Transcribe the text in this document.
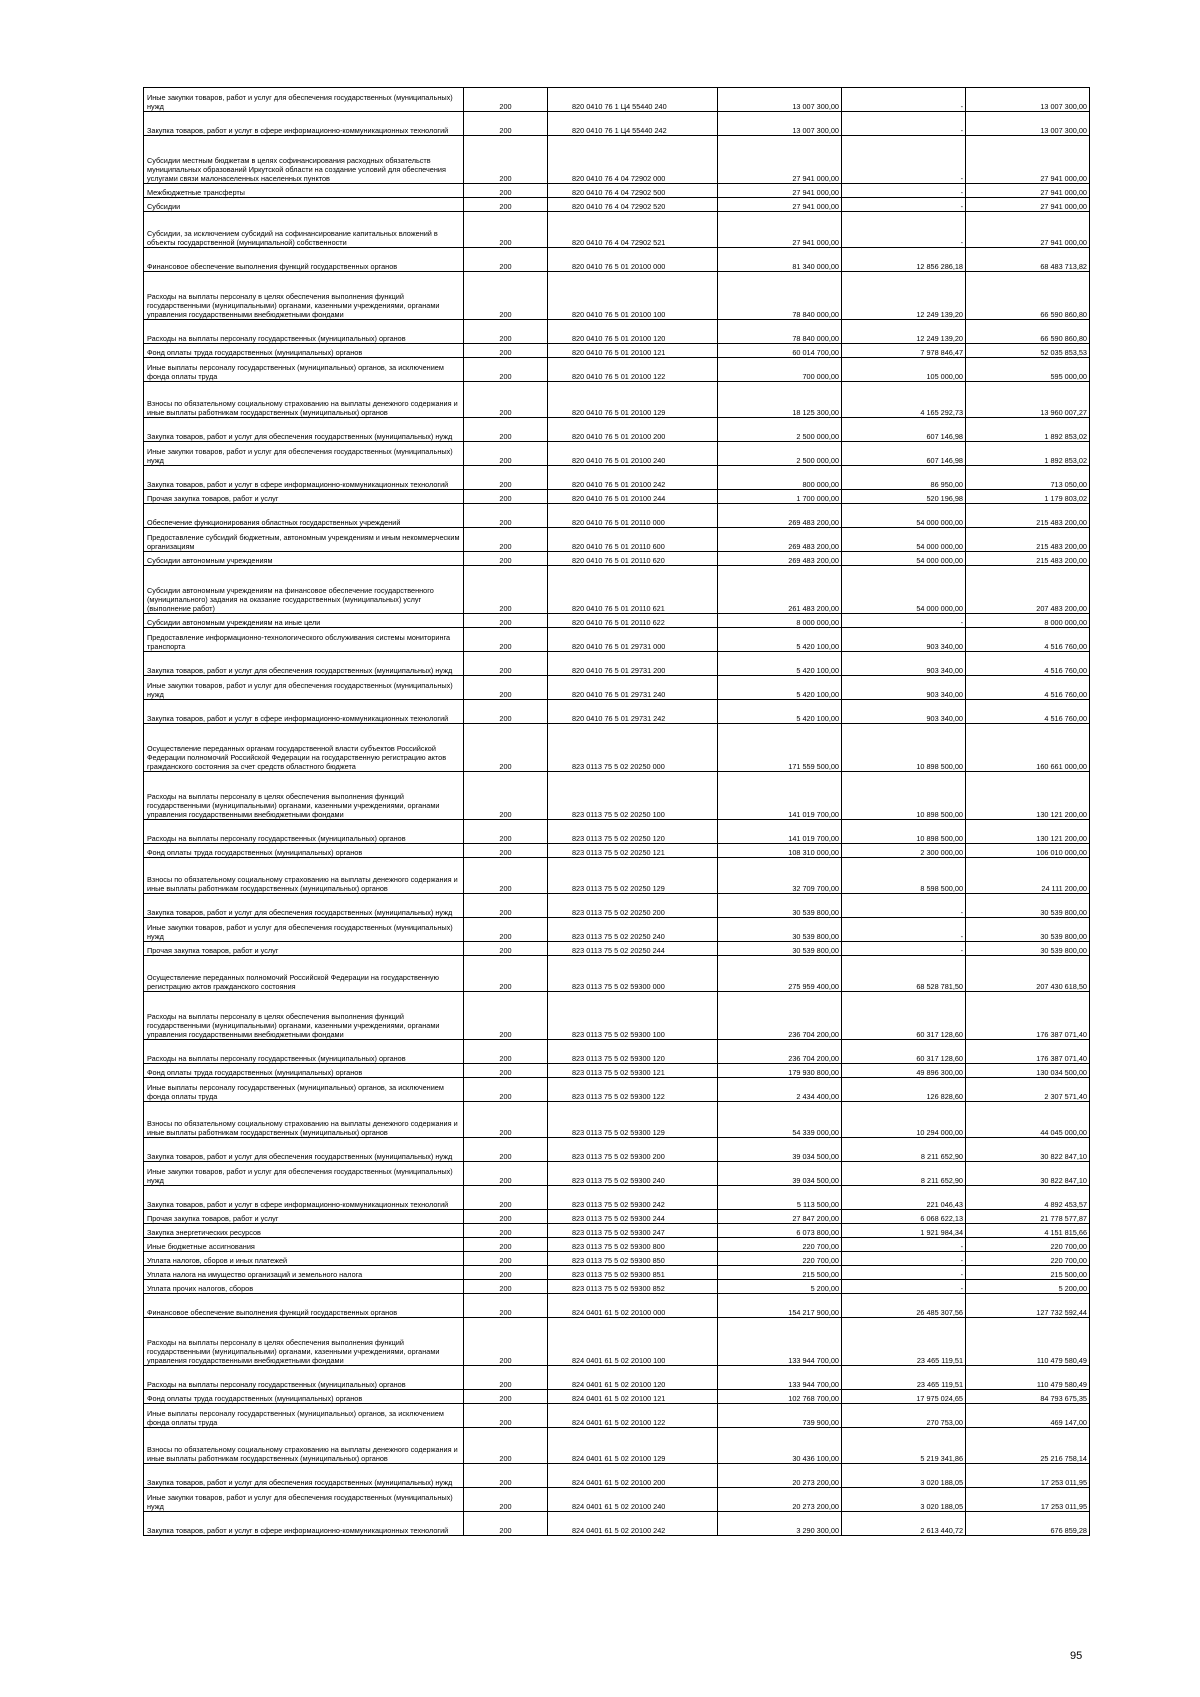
Иные закупки товаров, работ и услуг для обеспечения государственных (муниципальных) нужд	200	820 0410 76 1 Ц4 55440 240	13 007 300,00	-	13 007 300,00
Закупка товаров, работ и услуг в сфере информационно-коммуникационных технологий	200	820 0410 76 1 Ц4 55440 242	13 007 300,00	-	13 007 300,00
Субсидии местным бюджетам в целях софинансирования расходных обязательств муниципальных образований Иркутской области на создание условий для обеспечения услугами связи малонаселенных населенных пунктов	200	820 0410 76 4 04 72902 000	27 941 000,00	-	27 941 000,00
Межбюджетные трансферты	200	820 0410 76 4 04 72902 500	27 941 000,00	-	27 941 000,00
Субсидии	200	820 0410 76 4 04 72902 520	27 941 000,00	-	27 941 000,00
Субсидии, за исключением субсидий на софинансирование капитальных вложений в объекты государственной (муниципальной) собственности	200	820 0410 76 4 04 72902 521	27 941 000,00	-	27 941 000,00
Финансовое обеспечение выполнения функций государственных органов	200	820 0410 76 5 01 20100 000	81 340 000,00	12 856 286,18	68 483 713,82
Расходы на выплаты персоналу в целях обеспечения выполнения функций государственными (муниципальными) органами, казенными учреждениями, органами управления государственными внебюджетными фондами	200	820 0410 76 5 01 20100 100	78 840 000,00	12 249 139,20	66 590 860,80
Расходы на выплаты персоналу государственных (муниципальных) органов	200	820 0410 76 5 01 20100 120	78 840 000,00	12 249 139,20	66 590 860,80
Фонд оплаты труда государственных (муниципальных) органов	200	820 0410 76 5 01 20100 121	60 014 700,00	7 978 846,47	52 035 853,53
Иные выплаты персоналу государственных (муниципальных) органов, за исключением фонда оплаты труда	200	820 0410 76 5 01 20100 122	700 000,00	105 000,00	595 000,00
Взносы по обязательному социальному страхованию на выплаты денежного содержания и иные выплаты работникам государственных (муниципальных) органов	200	820 0410 76 5 01 20100 129	18 125 300,00	4 165 292,73	13 960 007,27
Закупка товаров, работ и услуг для обеспечения государственных (муниципальных) нужд	200	820 0410 76 5 01 20100 200	2 500 000,00	607 146,98	1 892 853,02
Иные закупки товаров, работ и услуг для обеспечения государственных (муниципальных) нужд	200	820 0410 76 5 01 20100 240	2 500 000,00	607 146,98	1 892 853,02
Закупка товаров, работ и услуг в сфере информационно-коммуникационных технологий	200	820 0410 76 5 01 20100 242	800 000,00	86 950,00	713 050,00
Прочая закупка товаров, работ и услуг	200	820 0410 76 5 01 20100 244	1 700 000,00	520 196,98	1 179 803,02
Обеспечение функционирования областных государственных учреждений	200	820 0410 76 5 01 20110 000	269 483 200,00	54 000 000,00	215 483 200,00
Предоставление субсидий бюджетным, автономным учреждениям и иным некоммерческим организациям	200	820 0410 76 5 01 20110 600	269 483 200,00	54 000 000,00	215 483 200,00
Субсидии автономным учреждениям	200	820 0410 76 5 01 20110 620	269 483 200,00	54 000 000,00	215 483 200,00
Субсидии автономным учреждениям на финансовое обеспечение государственного (муниципального) задания на оказание государственных (муниципальных) услуг (выполнение работ)	200	820 0410 76 5 01 20110 621	261 483 200,00	54 000 000,00	207 483 200,00
Субсидии автономным учреждениям на иные цели	200	820 0410 76 5 01 20110 622	8 000 000,00	-	8 000 000,00
Предоставление информационно-технологического обслуживания системы мониторинга транспорта	200	820 0410 76 5 01 29731 000	5 420 100,00	903 340,00	4 516 760,00
Закупка товаров, работ и услуг для обеспечения государственных (муниципальных) нужд	200	820 0410 76 5 01 29731 200	5 420 100,00	903 340,00	4 516 760,00
Иные закупки товаров, работ и услуг для обеспечения государственных (муниципальных) нужд	200	820 0410 76 5 01 29731 240	5 420 100,00	903 340,00	4 516 760,00
Закупка товаров, работ и услуг в сфере информационно-коммуникационных технологий	200	820 0410 76 5 01 29731 242	5 420 100,00	903 340,00	4 516 760,00
Осуществление переданных органам государственной власти субъектов Российской Федерации полномочий Российской Федерации на государственную регистрацию актов гражданского состояния за счет средств областного бюджета	200	823 0113 75 5 02 20250 000	171 559 500,00	10 898 500,00	160 661 000,00
Расходы на выплаты персоналу в целях обеспечения выполнения функций государственными (муниципальными) органами, казенными учреждениями, органами управления государственными внебюджетными фондами	200	823 0113 75 5 02 20250 100	141 019 700,00	10 898 500,00	130 121 200,00
Расходы на выплаты персоналу государственных (муниципальных) органов	200	823 0113 75 5 02 20250 120	141 019 700,00	10 898 500,00	130 121 200,00
Фонд оплаты труда государственных (муниципальных) органов	200	823 0113 75 5 02 20250 121	108 310 000,00	2 300 000,00	106 010 000,00
Взносы по обязательному социальному страхованию на выплаты денежного содержания и иные выплаты работникам государственных (муниципальных) органов	200	823 0113 75 5 02 20250 129	32 709 700,00	8 598 500,00	24 111 200,00
Закупка товаров, работ и услуг для обеспечения государственных (муниципальных) нужд	200	823 0113 75 5 02 20250 200	30 539 800,00	-	30 539 800,00
Иные закупки товаров, работ и услуг для обеспечения государственных (муниципальных) нужд	200	823 0113 75 5 02 20250 240	30 539 800,00	-	30 539 800,00
Прочая закупка товаров, работ и услуг	200	823 0113 75 5 02 20250 244	30 539 800,00	-	30 539 800,00
Осуществление переданных полномочий Российской Федерации на государственную регистрацию актов гражданского состояния	200	823 0113 75 5 02 59300 000	275 959 400,00	68 528 781,50	207 430 618,50
Расходы на выплаты персоналу в целях обеспечения выполнения функций государственными (муниципальными) органами, казенными учреждениями, органами управления государственными внебюджетными фондами	200	823 0113 75 5 02 59300 100	236 704 200,00	60 317 128,60	176 387 071,40
Расходы на выплаты персоналу государственных (муниципальных) органов	200	823 0113 75 5 02 59300 120	236 704 200,00	60 317 128,60	176 387 071,40
Фонд оплаты труда государственных (муниципальных) органов	200	823 0113 75 5 02 59300 121	179 930 800,00	49 896 300,00	130 034 500,00
Иные выплаты персоналу государственных (муниципальных) органов, за исключением фонда оплаты труда	200	823 0113 75 5 02 59300 122	2 434 400,00	126 828,60	2 307 571,40
Взносы по обязательному социальному страхованию на выплаты денежного содержания и иные выплаты работникам государственных (муниципальных) органов	200	823 0113 75 5 02 59300 129	54 339 000,00	10 294 000,00	44 045 000,00
Закупка товаров, работ и услуг для обеспечения государственных (муниципальных) нужд	200	823 0113 75 5 02 59300 200	39 034 500,00	8 211 652,90	30 822 847,10
Иные закупки товаров, работ и услуг для обеспечения государственных (муниципальных) нужд	200	823 0113 75 5 02 59300 240	39 034 500,00	8 211 652,90	30 822 847,10
Закупка товаров, работ и услуг в сфере информационно-коммуникационных технологий	200	823 0113 75 5 02 59300 242	5 113 500,00	221 046,43	4 892 453,57
Прочая закупка товаров, работ и услуг	200	823 0113 75 5 02 59300 244	27 847 200,00	6 068 622,13	21 778 577,87
Закупка энергетических ресурсов	200	823 0113 75 5 02 59300 247	6 073 800,00	1 921 984,34	4 151 815,66
Иные бюджетные ассигнования	200	823 0113 75 5 02 59300 800	220 700,00	-	220 700,00
Уплата налогов, сборов и иных платежей	200	823 0113 75 5 02 59300 850	220 700,00	-	220 700,00
Уплата налога на имущество организаций и земельного налога	200	823 0113 75 5 02 59300 851	215 500,00	-	215 500,00
Уплата прочих налогов, сборов	200	823 0113 75 5 02 59300 852	5 200,00	-	5 200,00
Финансовое обеспечение выполнения функций государственных органов	200	824 0401 61 5 02 20100 000	154 217 900,00	26 485 307,56	127 732 592,44
Расходы на выплаты персоналу в целях обеспечения выполнения функций государственными (муниципальными) органами, казенными учреждениями, органами управления государственными внебюджетными фондами	200	824 0401 61 5 02 20100 100	133 944 700,00	23 465 119,51	110 479 580,49
Расходы на выплаты персоналу государственных (муниципальных) органов	200	824 0401 61 5 02 20100 120	133 944 700,00	23 465 119,51	110 479 580,49
Фонд оплаты труда государственных (муниципальных) органов	200	824 0401 61 5 02 20100 121	102 768 700,00	17 975 024,65	84 793 675,35
Иные выплаты персоналу государственных (муниципальных) органов, за исключением фонда оплаты труда	200	824 0401 61 5 02 20100 122	739 900,00	270 753,00	469 147,00
Взносы по обязательному социальному страхованию на выплаты денежного содержания и иные выплаты работникам государственных (муниципальных) органов	200	824 0401 61 5 02 20100 129	30 436 100,00	5 219 341,86	25 216 758,14
Закупка товаров, работ и услуг для обеспечения государственных (муниципальных) нужд	200	824 0401 61 5 02 20100 200	20 273 200,00	3 020 188,05	17 253 011,95
Иные закупки товаров, работ и услуг для обеспечения государственных (муниципальных) нужд	200	824 0401 61 5 02 20100 240	20 273 200,00	3 020 188,05	17 253 011,95
Закупка товаров, работ и услуг в сфере информационно-коммуникационных технологий	200	824 0401 61 5 02 20100 242	3 290 300,00	2 613 440,72	676 859,28
95
